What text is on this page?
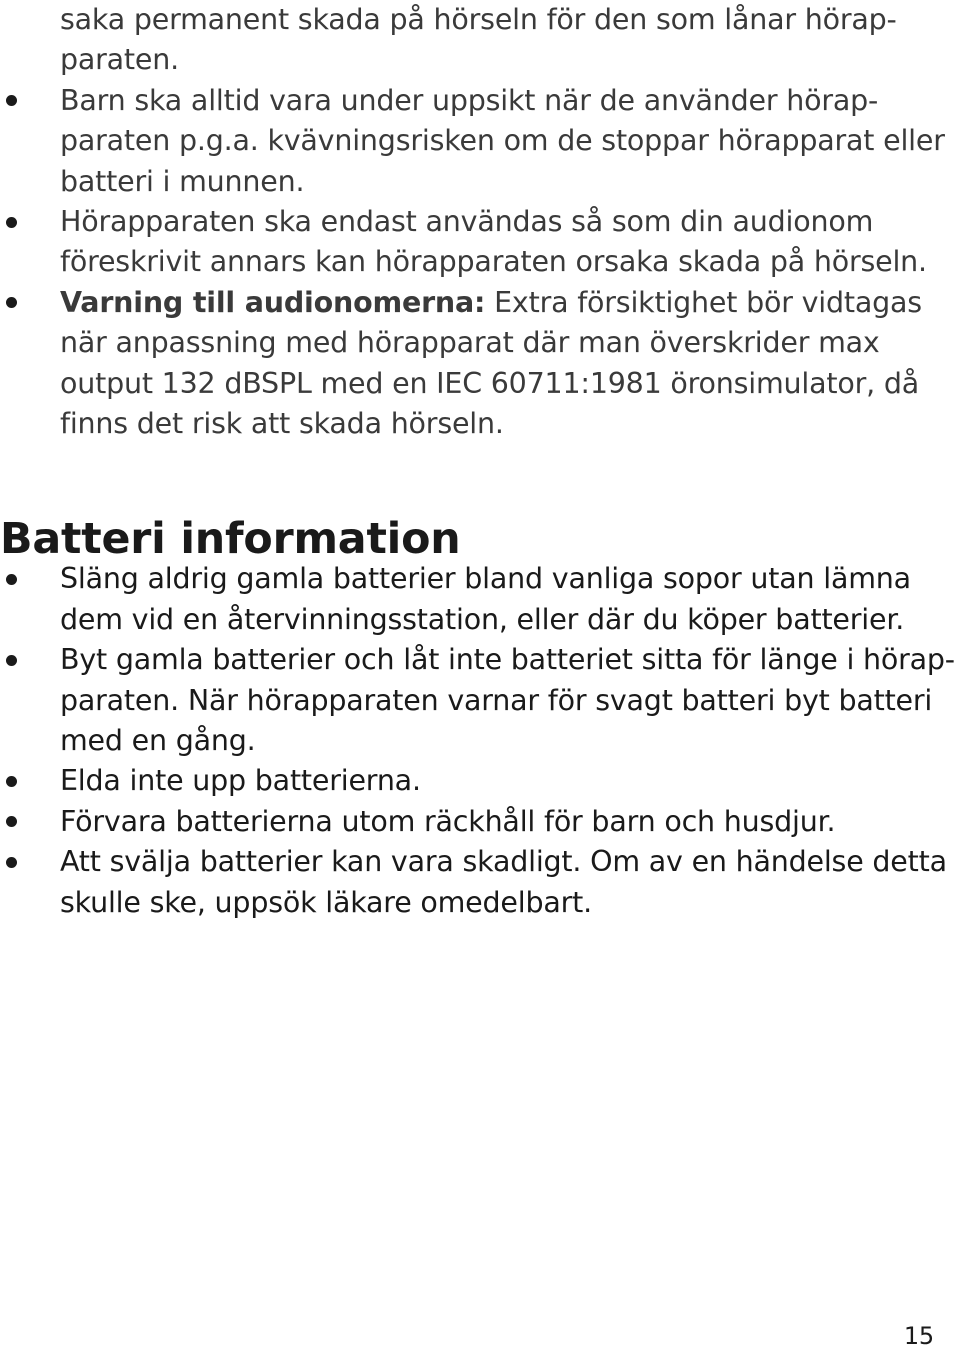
saka permanent skada på hörseln för den som lånar hörap-
paraten.
Barn ska alltid vara under uppsikt när de använder hörap-
paraten p.g.a. kvävningsrisken om de stoppar hörapparat eller
batteri i munnen.
Hörapparaten ska endast användas så som din audionom
föreskrivit annars kan hörapparaten orsaka skada på hörseln.
Varning till audionomerna: Extra försiktighet bör vidtagas
när anpassning med hörapparat där man överskrider max
output 132 dBSPL med en IEC 60711:1981 öronsimulator, då
finns det risk att skada hörseln.
Batteri information
Släng aldrig gamla batterier bland vanliga sopor utan lämna
dem vid en återvinningsstation, eller där du köper batterier.
Byt gamla batterier och låt inte batteriet sitta för länge i hörap-
paraten. När hörapparaten varnar för svagt batteri byt batteri
med en gång.
Elda inte upp batterierna.
Förvara batterierna utom räckhåll för barn och husdjur.
Att svälja batterier kan vara skadligt. Om av en händelse detta
skulle ske, uppsök läkare omedelbart.
15
